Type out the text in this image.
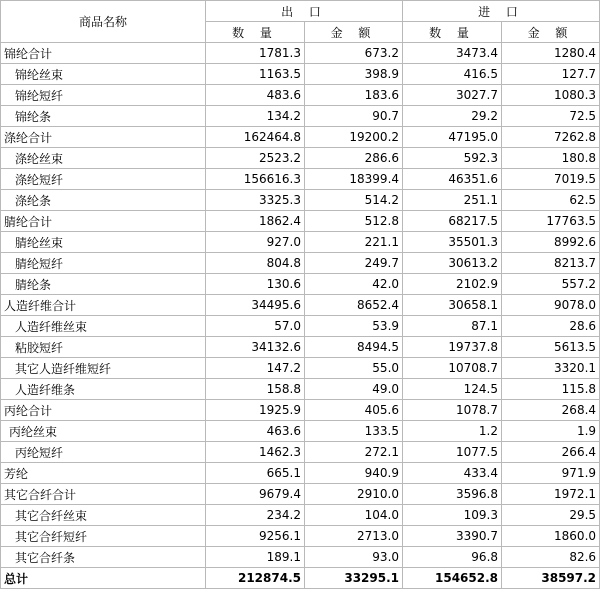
商品名称	出 口		进 口	
	数 量	金 额	数 量	金 额
锦纶合计	1781.3	673.2	3473.4	1280.4
锦纶丝束	1163.5	398.9	416.5	127.7
锦纶短纤	483.6	183.6	3027.7	1080.3
锦纶条	134.2	90.7	29.2	72.5
涤纶合计	162464.8	19200.2	47195.0	7262.8
涤纶丝束	2523.2	286.6	592.3	180.8
涤纶短纤	156616.3	18399.4	46351.6	7019.5
涤纶条	3325.3	514.2	251.1	62.5
腈纶合计	1862.4	512.8	68217.5	17763.5
腈纶丝束	927.0	221.1	35501.3	8992.6
腈纶短纤	804.8	249.7	30613.2	8213.7
腈纶条	130.6	42.0	2102.9	557.2
人造纤维合计	34495.6	8652.4	30658.1	9078.0
人造纤维丝束	57.0	53.9	87.1	28.6
粘胶短纤	34132.6	8494.5	19737.8	5613.5
其它人造纤维短纤	147.2	55.0	10708.7	3320.1
人造纤维条	158.8	49.0	124.5	115.8
丙纶合计	1925.9	405.6	1078.7	268.4
丙纶丝束	463.6	133.5	1.2	1.9
丙纶短纤	1462.3	272.1	1077.5	266.4
芳纶	665.1	940.9	433.4	971.9
其它合纤合计	9679.4	2910.0	3596.8	1972.1
其它合纤丝束	234.2	104.0	109.3	29.5
其它合纤短纤	9256.1	2713.0	3390.7	1860.0
其它合纤条	189.1	93.0	96.8	82.6
总计	212874.5	33295.1	154652.8	38597.2
